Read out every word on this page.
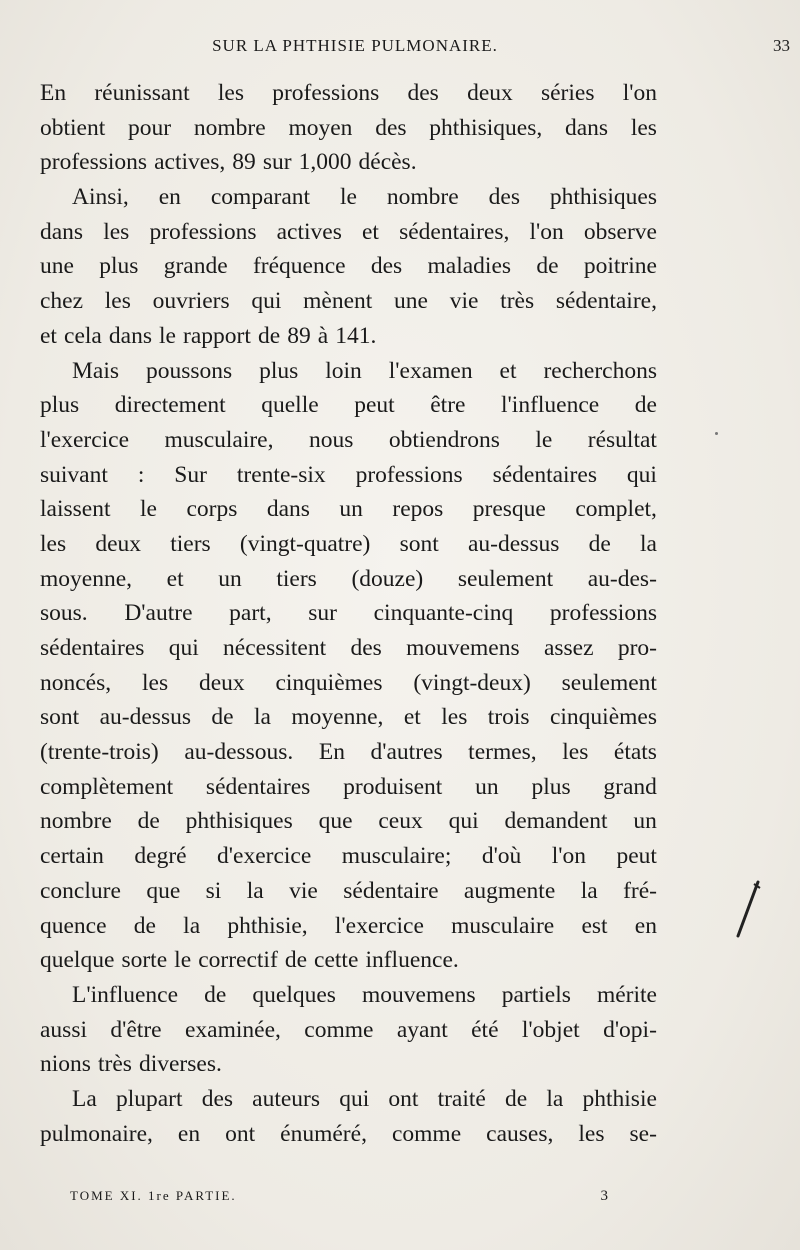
SUR LA PHTHISIE PULMONAIRE.	33
En réunissant les professions des deux séries l'on
obtient pour nombre moyen des phthisiques, dans les
professions actives, 89 sur 1,000 décès.
Ainsi, en comparant le nombre des phthisiques
dans les professions actives et sédentaires, l'on observe
une plus grande fréquence des maladies de poitrine
chez les ouvriers qui mènent une vie très sédentaire,
et cela dans le rapport de 89 à 141.
Mais poussons plus loin l'examen et recherchons
plus directement quelle peut être l'influence de
l'exercice musculaire, nous obtiendrons le résultat
suivant : Sur trente-six professions sédentaires qui
laissent le corps dans un repos presque complet,
les deux tiers (vingt-quatre) sont au-dessus de la
moyenne, et un tiers (douze) seulement au-des-
sous. D'autre part, sur cinquante-cinq professions
sédentaires qui nécessitent des mouvemens assez pro-
noncés, les deux cinquièmes (vingt-deux) seulement
sont au-dessus de la moyenne, et les trois cinquièmes
(trente-trois) au-dessous. En d'autres termes, les états
complètement sédentaires produisent un plus grand
nombre de phthisiques que ceux qui demandent un
certain degré d'exercice musculaire; d'où l'on peut
conclure que si la vie sédentaire augmente la fré-
quence de la phthisie, l'exercice musculaire est en
quelque sorte le correctif de cette influence.
L'influence de quelques mouvemens partiels mérite
aussi d'être examinée, comme ayant été l'objet d'opi-
nions très diverses.
La plupart des auteurs qui ont traité de la phthisie
pulmonaire, en ont énuméré, comme causes, les se-
TOME XI. 1re PARTIE.	3
